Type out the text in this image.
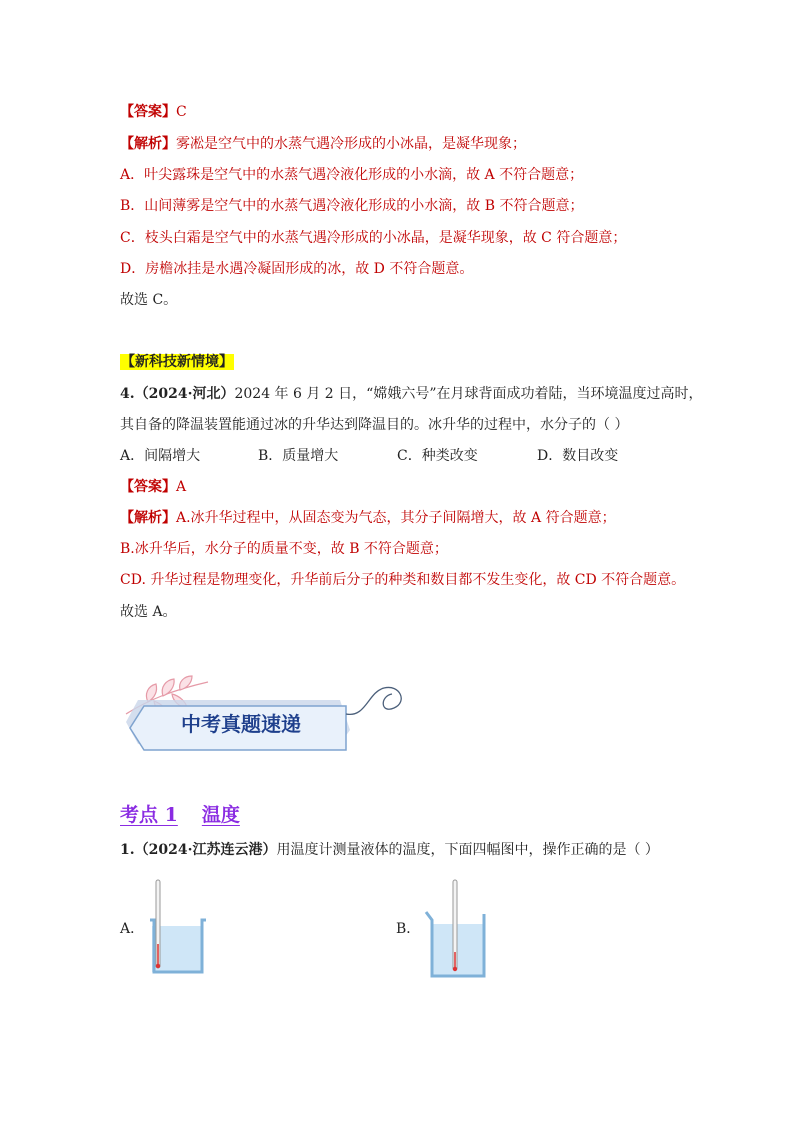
【答案】C
【解析】雾凇是空气中的水蒸气遇冷形成的小冰晶，是凝华现象；
A．叶尖露珠是空气中的水蒸气遇冷液化形成的小水滴，故 A 不符合题意；
B．山间薄雾是空气中的水蒸气遇冷液化形成的小水滴，故 B 不符合题意；
C．枝头白霜是空气中的水蒸气遇冷形成的小冰晶，是凝华现象，故 C 符合题意；
D．房檐冰挂是水遇冷凝固形成的冰，故 D 不符合题意。
故选 C。
【新科技新情境】
4.（2024·河北）2024 年 6 月 2 日，“嫦娥六号”在月球背面成功着陆，当环境温度过高时，
其自备的降温装置能通过冰的升华达到降温目的。冰升华的过程中，水分子的（ ）
A．间隔增大	B．质量增大	C．种类改变	D．数目改变
【答案】A
【解析】A.冰升华过程中，从固态变为气态，其分子间隔增大，故 A 符合题意；
B.冰升华后，水分子的质量不变，故 B 不符合题意；
CD. 升华过程是物理变化，升华前后分子的种类和数目都不发生变化，故 CD 不符合题意。
故选 A。
中考真题速递
考点 1 温度
1.（2024·江苏连云港）用温度计测量液体的温度，下面四幅图中，操作正确的是（ ）
A．	B．
